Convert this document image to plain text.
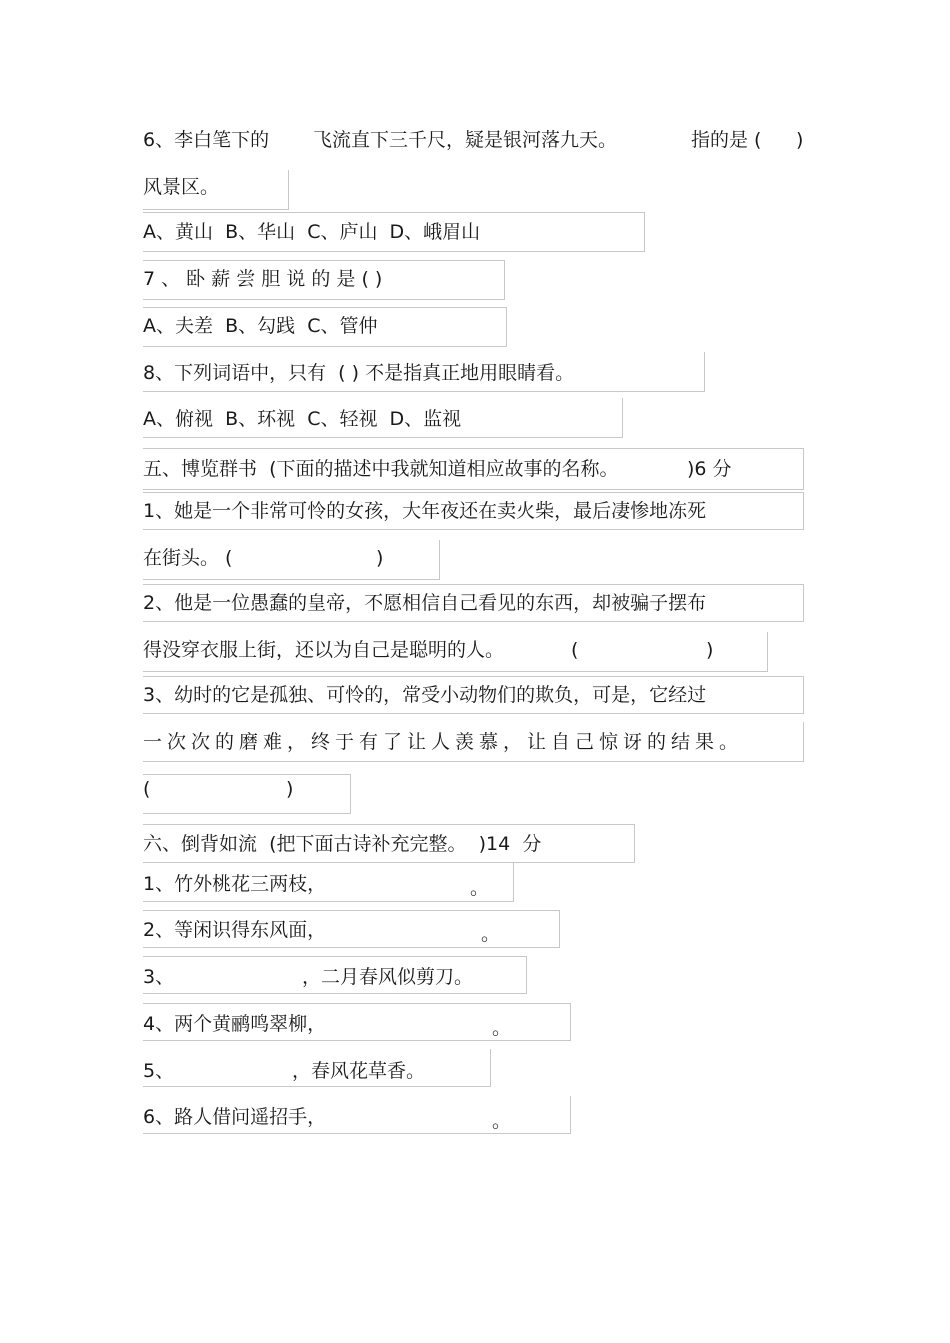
6、李白笔下的 飞流直下三千尺，疑是银河落九天。	指的是 ( )
风景区。
A、黄山  B、华山  C、庐山  D、峨眉山
7 、 卧 薪 尝 胆 说 的 是 ( )
A、夫差  B、勾践  C、管仲
8、下列词语中，只有  ( ) 不是指真正地用眼睛看。
A、俯视  B、环视  C、轻视  D、监视
五、博览群书  (下面的描述中我就知道相应故事的名称。	)6 分
1、她是一个非常可怜的女孩，大年夜还在卖火柴，最后凄惨地冻死
在街头。 (	)
2、他是一位愚蠢的皇帝，不愿相信自己看见的东西，却被骗子摆布
得没穿衣服上街，还以为自己是聪明的人。	(	)
3、幼时的它是孤独、可怜的，常受小动物们的欺负，可是，它经过
一次次的磨难，终于有了让人羡慕，让自己惊讶的结果。
(	)
六、倒背如流  (把下面古诗补充完整。  )14  分
1、竹外桃花三两枝，	。
2、等闲识得东风面，	。
3、	，二月春风似剪刀。
4、两个黄鹂鸣翠柳，	。
5、	，春风花草香。
6、路人借问遥招手，	。
